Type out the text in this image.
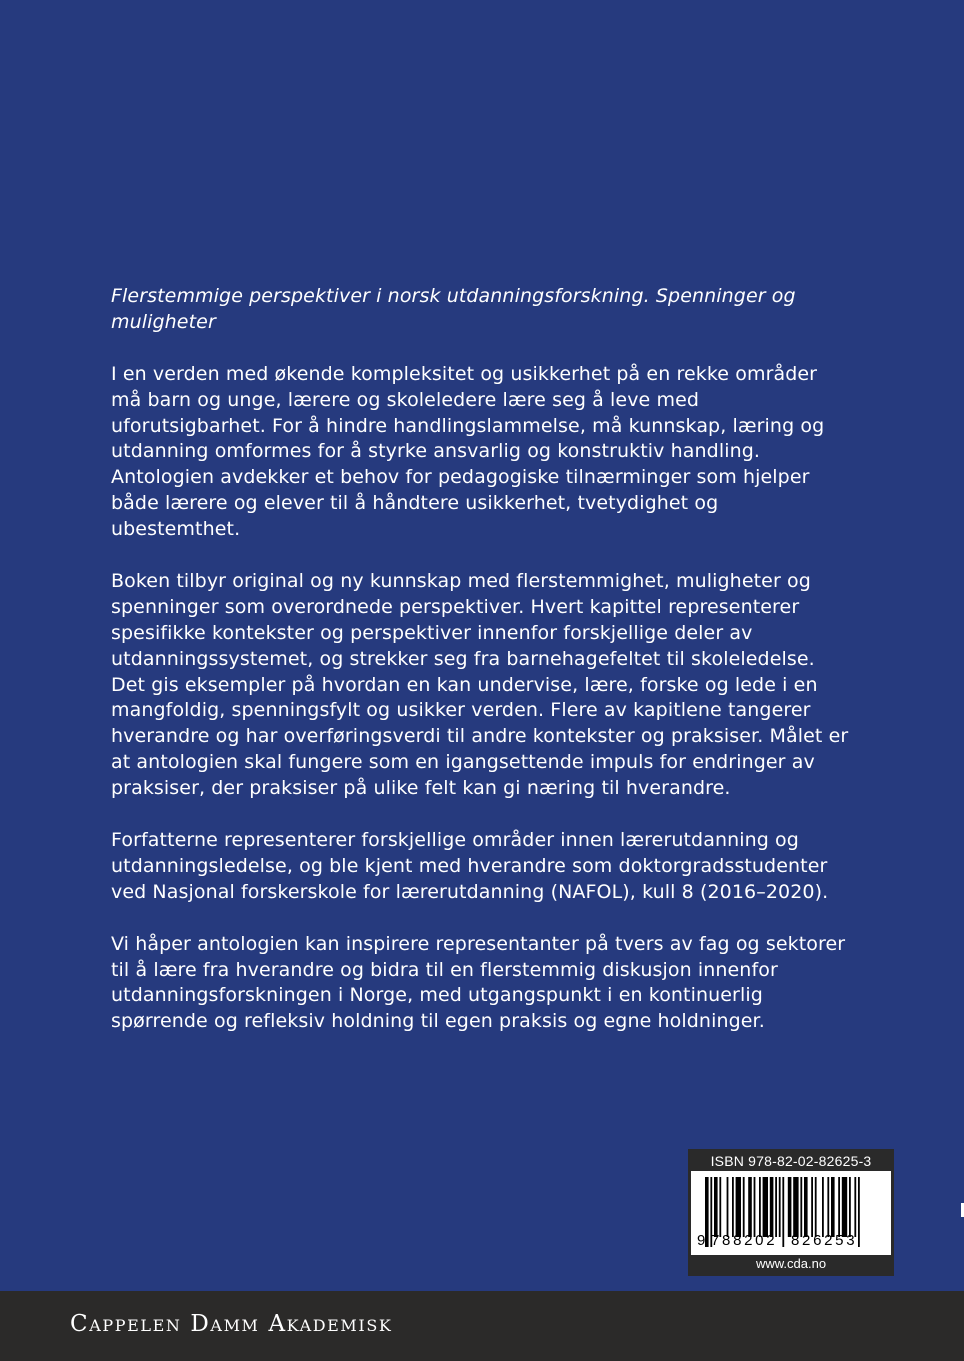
Flerstemmige perspektiver i norsk utdanningsforskning. Spenninger og muligheter

I en verden med økende kompleksitet og usikkerhet på en rekke områder må barn og unge, lærere og skoleledere lære seg å leve med uforutsigbarhet. For å hindre handlingslammelse, må kunnskap, læring og utdanning omformes for å styrke ansvarlig og konstruktiv handling. Antologien avdekker et behov for pedagogiske tilnærminger som hjelper både lærere og elever til å håndtere usikkerhet, tvetydighet og ubestemthet.

Boken tilbyr original og ny kunnskap med flerstemmighet, muligheter og spenninger som overordnede perspektiver. Hvert kapittel representerer spesifikke kontekster og perspektiver innenfor forskjellige deler av utdanningssystemet, og strekker seg fra barnehagefeltet til skoleledelse. Det gis eksempler på hvordan en kan undervise, lære, forske og lede i en mangfoldig, spenningsfylt og usikker verden. Flere av kapitlene tangerer hverandre og har overføringsverdi til andre kontekster og praksiser. Målet er at antologien skal fungere som en igangsettende impuls for endringer av praksiser, der praksiser på ulike felt kan gi næring til hverandre.

Forfatterne representerer forskjellige områder innen lærerutdanning og utdanningsledelse, og ble kjent med hverandre som doktorgradsstudenter ved Nasjonal forskerskole for lærerutdanning (NAFOL), kull 8 (2016–2020).

Vi håper antologien kan inspirere representanter på tvers av fag og sektorer til å lære fra hverandre og bidra til en flerstemmig diskusjon innenfor utdanningsforskningen i Norge, med utgangspunkt i en kontinuerlig spørrende og refleksiv holdning til egen praksis og egne holdninger.

ISBN 978-82-02-82625-3
9 788202 826253
www.cda.no
Cappelen Damm Akademisk
